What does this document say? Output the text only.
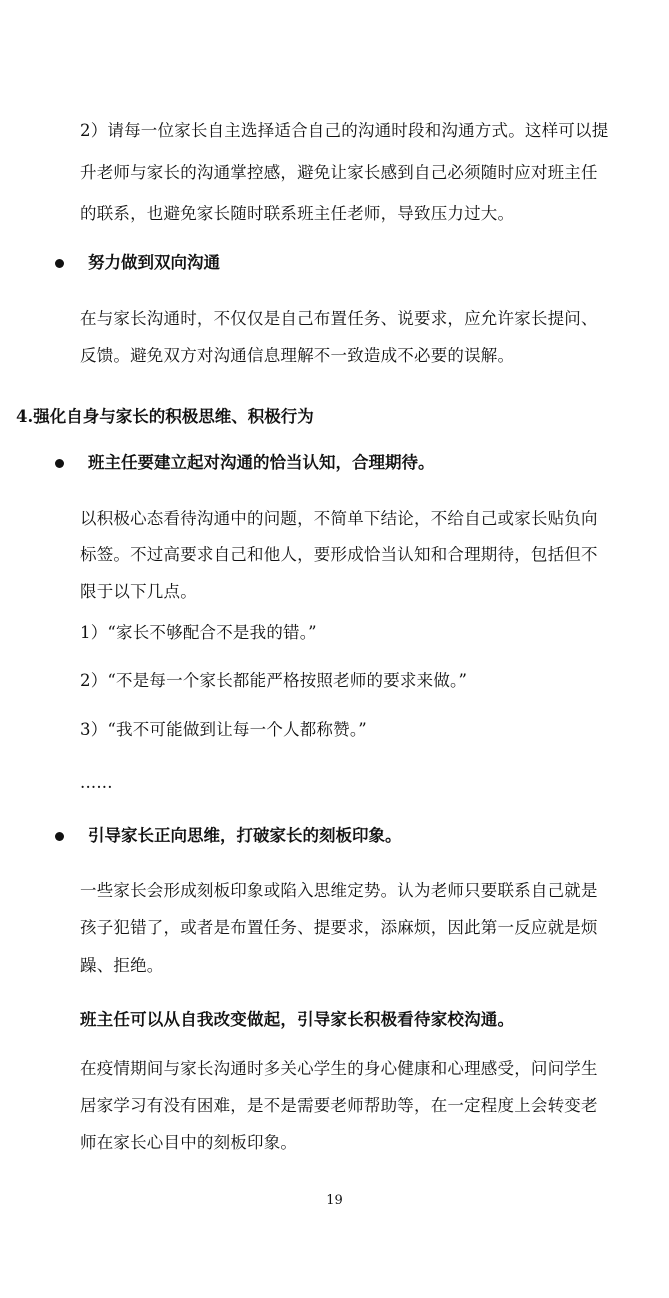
2）请每一位家长自主选择适合自己的沟通时段和沟通方式。这样可以提
升老师与家长的沟通掌控感，避免让家长感到自己必须随时应对班主任
的联系，也避免家长随时联系班主任老师，导致压力过大。
努力做到双向沟通
在与家长沟通时，不仅仅是自己布置任务、说要求，应允许家长提问、
反馈。避免双方对沟通信息理解不一致造成不必要的误解。
4.强化自身与家长的积极思维、积极行为
班主任要建立起对沟通的恰当认知，合理期待。
以积极心态看待沟通中的问题，不简单下结论，不给自己或家长贴负向
标签。不过高要求自己和他人，要形成恰当认知和合理期待，包括但不
限于以下几点。
1）“家长不够配合不是我的错。”
2）“不是每一个家长都能严格按照老师的要求来做。”
3）“我不可能做到让每一个人都称赞。”
......
引导家长正向思维，打破家长的刻板印象。
一些家长会形成刻板印象或陷入思维定势。认为老师只要联系自己就是
孩子犯错了，或者是布置任务、提要求，添麻烦，因此第一反应就是烦
躁、拒绝。
班主任可以从自我改变做起，引导家长积极看待家校沟通。
在疫情期间与家长沟通时多关心学生的身心健康和心理感受，问问学生
居家学习有没有困难，是不是需要老师帮助等，在一定程度上会转变老
师在家长心目中的刻板印象。
19
